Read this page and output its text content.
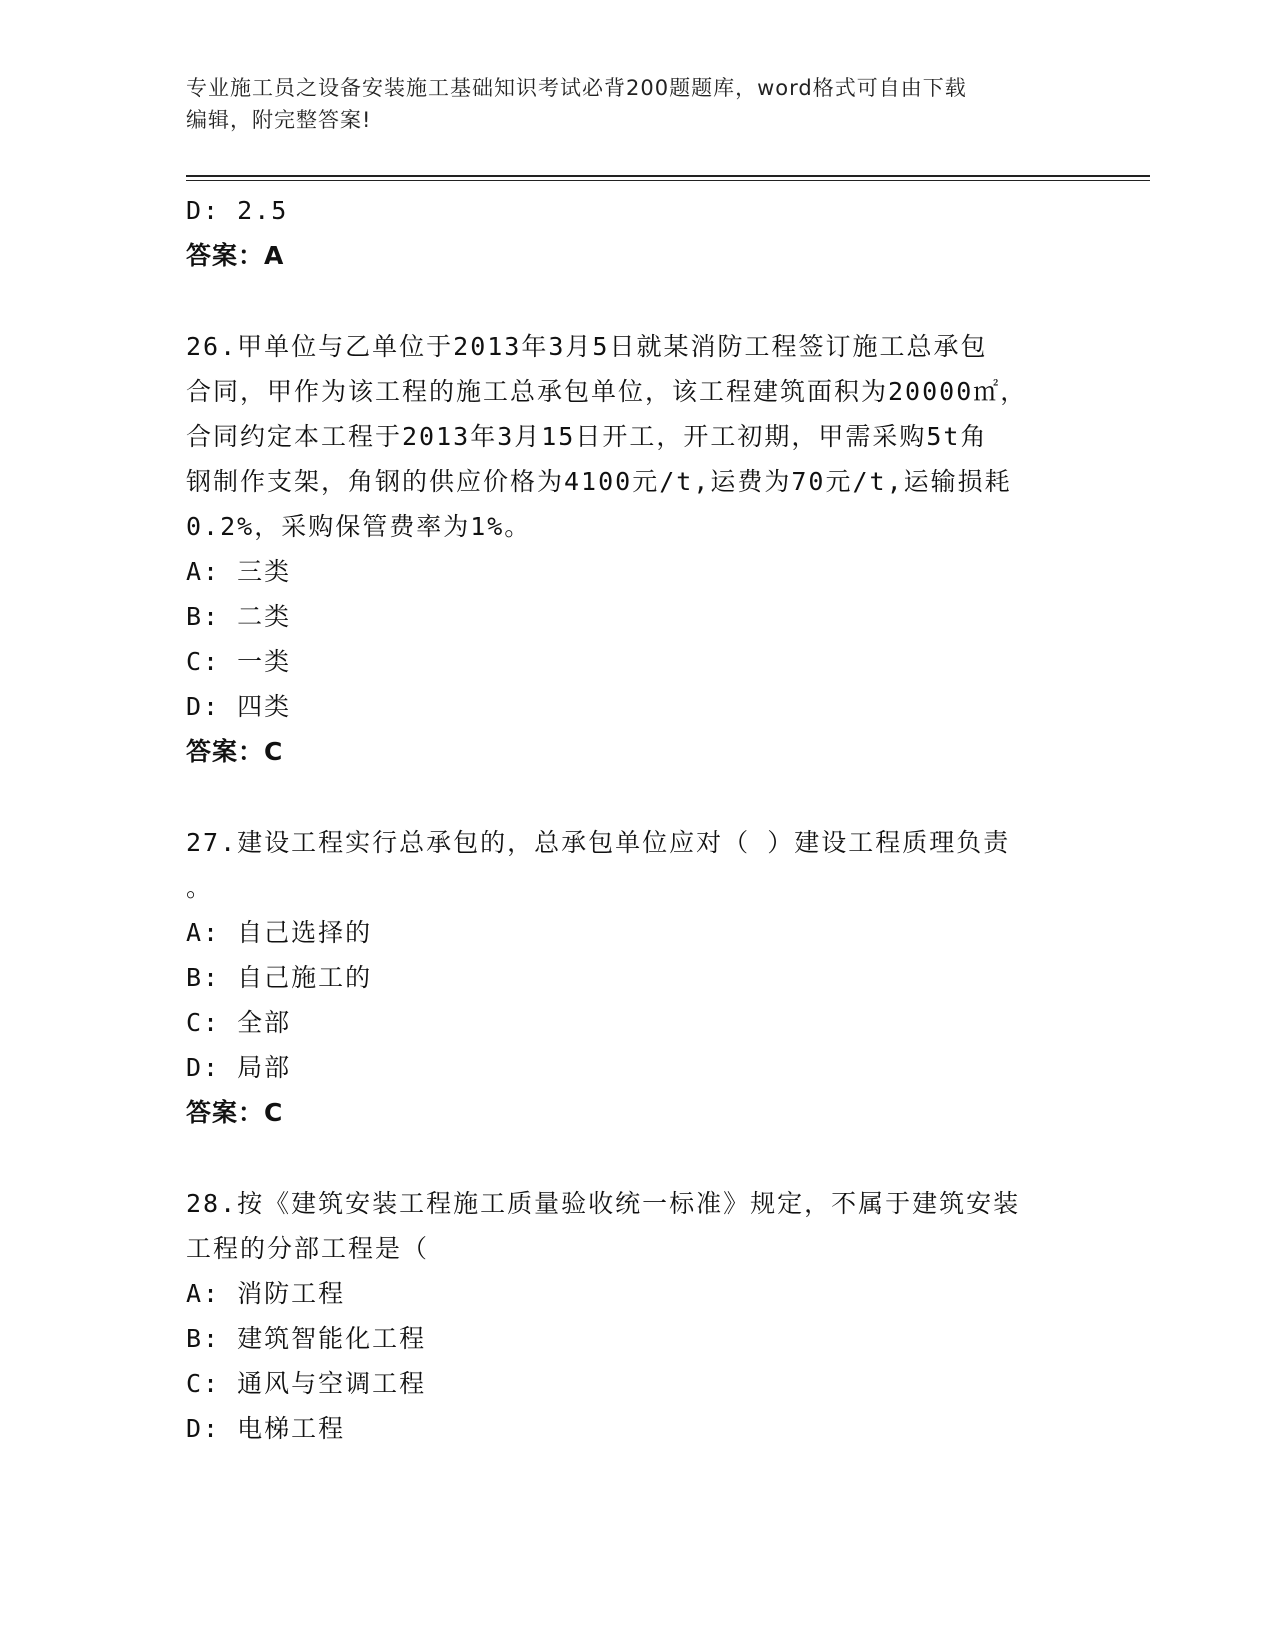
专业施工员之设备安装施工基础知识考试必背200题题库，word格式可自由下载
编辑，附完整答案!
D: 2.5
答案：A
26.甲单位与乙单位于2013年3月5日就某消防工程签订施工总承包
合同，甲作为该工程的施工总承包单位，该工程建筑面积为20000㎡，
合同约定本工程于2013年3月15日开工，开工初期，甲需采购5t角
钢制作支架，角钢的供应价格为4100元/t,运费为70元/t,运输损耗
0.2%，采购保管费率为1%。
A: 三类
B: 二类
C: 一类
D: 四类
答案：C
27.建设工程实行总承包的，总承包单位应对（ ）建设工程质理负责
。
A: 自己选择的
B: 自己施工的
C: 全部
D: 局部
答案：C
28.按《建筑安装工程施工质量验收统一标准》规定，不属于建筑安装
工程的分部工程是（
A: 消防工程
B: 建筑智能化工程
C: 通风与空调工程
D: 电梯工程
